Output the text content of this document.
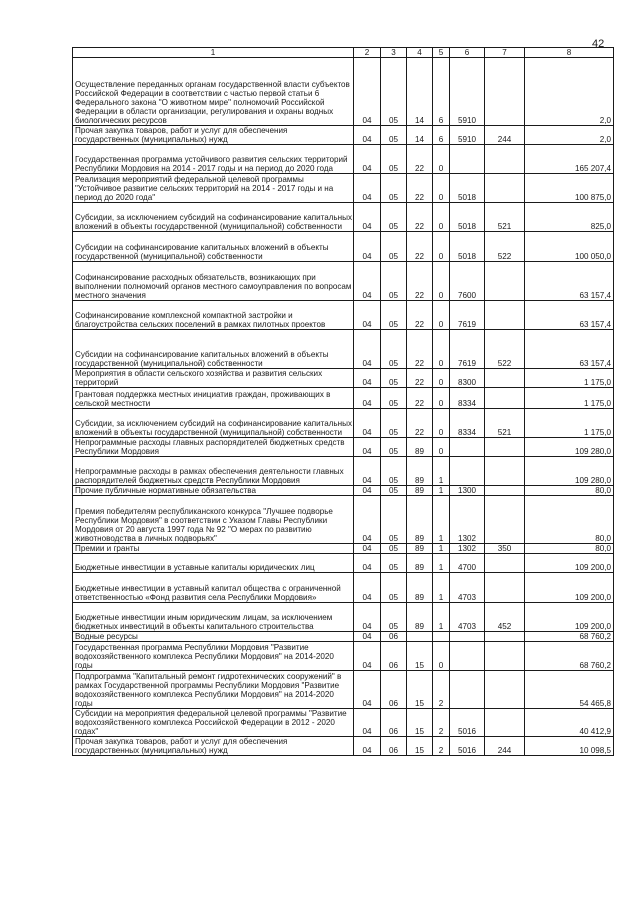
42
1	2	3	4	5	6	7	8
Осуществление переданных органам государственной власти субъектов Российской Федерации в соответствии с частью первой статьи 6 Федерального закона "О животном мире" полномочий Российской Федерации в области организации, регулирования и охраны водных биологических ресурсов	04	05	14	6	5910		2,0
Прочая закупка товаров, работ и услуг для обеспечения государственных (муниципальных) нужд	04	05	14	6	5910	244	2,0
Государственная программа устойчивого развития сельских территорий Республики Мордовия на 2014 - 2017 годы и на период до 2020 года	04	05	22	0			165 207,4
Реализация мероприятий федеральной целевой программы "Устойчивое развитие сельских территорий на 2014 - 2017 годы и на период до 2020 года"	04	05	22	0	5018		100 875,0
Субсидии, за исключением субсидий на софинансирование капитальных вложений в объекты государственной (муниципальной) собственности	04	05	22	0	5018	521	825,0
Субсидии на софинансирование капитальных вложений в объекты государственной (муниципальной) собственности	04	05	22	0	5018	522	100 050,0
Софинансирование расходных обязательств, возникающих при выполнении полномочий органов местного самоуправления по вопросам местного значения	04	05	22	0	7600		63 157,4
Софинансирование комплексной компактной застройки и благоустройства сельских поселений в рамках пилотных проектов	04	05	22	0	7619		63 157,4
Субсидии на софинансирование капитальных вложений в объекты государственной (муниципальной) собственности	04	05	22	0	7619	522	63 157,4
Мероприятия в области сельского хозяйства и развития сельских территорий	04	05	22	0	8300		1 175,0
Грантовая поддержка местных инициатив граждан, проживающих в сельской местности	04	05	22	0	8334		1 175,0
Субсидии, за исключением субсидий на софинансирование капитальных вложений в объекты государственной (муниципальной) собственности	04	05	22	0	8334	521	1 175,0
Непрограммные расходы главных распорядителей бюджетных средств Республики Мордовия	04	05	89	0			109 280,0
Непрограммные расходы в рамках обеспечения деятельности главных распорядителей бюджетных средств Республики Мордовия	04	05	89	1			109 280,0
Прочие публичные нормативные обязательства	04	05	89	1	1300		80,0
Премия победителям республиканского конкурса "Лучшее подворье Республики Мордовия" в соответствии с Указом Главы Республики Мордовия от 20 августа 1997 года № 92 "О мерах по развитию животноводства в личных подворьях"	04	05	89	1	1302		80,0
Премии и гранты	04	05	89	1	1302	350	80,0
Бюджетные инвестиции в уставные капиталы юридических лиц	04	05	89	1	4700		109 200,0
Бюджетные инвестиции в уставный капитал общества с ограниченной ответственностью «Фонд развития села Республики Мордовия»	04	05	89	1	4703		109 200,0
Бюджетные инвестиции иным юридическим лицам, за исключением бюджетных инвестиций в объекты капитального строительства	04	05	89	1	4703	452	109 200,0
Водные ресурсы	04	06					68 760,2
Государственная программа Республики Мордовия "Развитие водохозяйственного комплекса Республики Мордовия" на 2014-2020 годы	04	06	15	0			68 760,2
Подпрограмма "Капитальный ремонт гидротехнических сооружений" в рамках Государственной программы Республики Мордовия "Развитие водохозяйственного комплекса Республики Мордовия" на 2014-2020 годы	04	06	15	2			54 465,8
Субсидии на мероприятия федеральной целевой программы "Развитие водохозяйственного комплекса Российской Федерации в 2012 - 2020 годах"	04	06	15	2	5016		40 412,9
Прочая закупка товаров, работ и услуг для обеспечения государственных (муниципальных) нужд	04	06	15	2	5016	244	10 098,5
